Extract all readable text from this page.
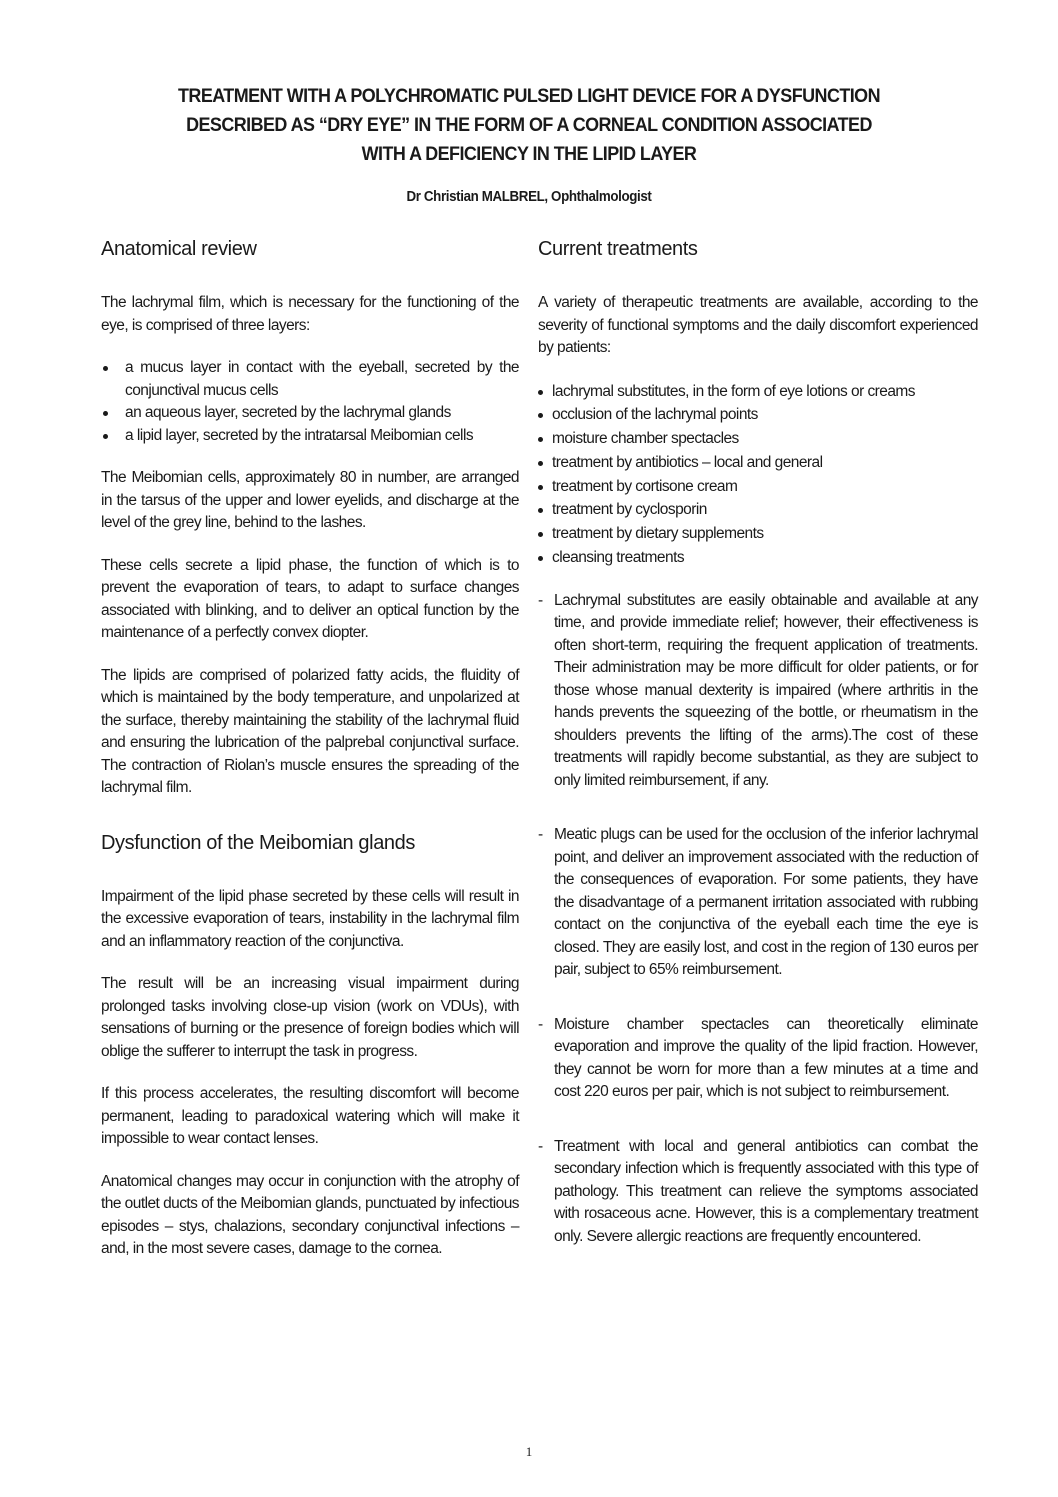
TREATMENT WITH A POLYCHROMATIC PULSED LIGHT DEVICE FOR A DYSFUNCTION
DESCRIBED AS “DRY EYE” IN THE FORM OF A CORNEAL CONDITION ASSOCIATED
WITH A DEFICIENCY IN THE LIPID LAYER
Dr Christian MALBREL, Ophthalmologist
Anatomical review

The lachrymal film, which is necessary for the functioning of the eye, is comprised of three layers:

a mucus layer in contact with the eyeball, secreted by the conjunctival mucus cells
an aqueous layer, secreted by the lachrymal glands
a lipid layer, secreted by the intratarsal Meibomian cells

The Meibomian cells, approximately 80 in number, are arranged in the tarsus of the upper and lower eyelids, and discharge at the level of the grey line, behind to the lashes.

These cells secrete a lipid phase, the function of which is to prevent the evaporation of tears, to adapt to surface changes associated with blinking, and to deliver an optical function by the maintenance of a perfectly convex diopter.

The lipids are comprised of polarized fatty acids, the fluidity of which is maintained by the body temperature, and unpolarized at the surface, thereby maintaining the stability of the lachrymal fluid and ensuring the lubrication of the palprebal conjunctival surface. The contraction of Riolan’s muscle ensures the spreading of the lachrymal film.

Dysfunction of the Meibomian glands

Impairment of the lipid phase secreted by these cells will result in the excessive evaporation of tears, instability in the lachrymal film and an inflammatory reaction of the conjunctiva.

The result will be an increasing visual impairment during prolonged tasks involving close-up vision (work on VDUs), with sensations of burning or the presence of foreign bodies which will oblige the sufferer to interrupt the task in progress.

If this process accelerates, the resulting discomfort will become permanent, leading to paradoxical watering which will make it impossible to wear contact lenses.

Anatomical changes may occur in conjunction with the atrophy of the outlet ducts of the Meibomian glands, punctuated by infectious episodes – stys, chalazions, secondary conjunctival infections – and, in the most severe cases, damage to the cornea.

Current treatments

A variety of therapeutic treatments are available, according to the severity of functional symptoms and the daily discomfort experienced by patients:

lachrymal substitutes, in the form of eye lotions or creams
occlusion of the lachrymal points
moisture chamber spectacles
treatment by antibiotics – local and general
treatment by cortisone cream
treatment by cyclosporin
treatment by dietary supplements
cleansing treatments
- Lachrymal substitutes are easily obtainable and available at any time, and provide immediate relief; however, their effectiveness is often short-term, requiring the frequent application of treatments. Their administration may be more difficult for older patients, or for those whose manual dexterity is impaired (where arthritis in the hands prevents the squeezing of the bottle, or rheumatism in the shoulders prevents the lifting of the arms).The cost of these treatments will rapidly become substantial, as they are subject to only limited reimbursement, if any.
- Meatic plugs can be used for the occlusion of the inferior lachrymal point, and deliver an improvement associated with the reduction of the consequences of evaporation. For some patients, they have the disadvantage of a permanent irritation associated with rubbing contact on the conjunctiva of the eyeball each time the eye is closed. They are easily lost, and cost in the region of 130 euros per pair, subject to 65% reimbursement.
- Moisture chamber spectacles can theoretically eliminate evaporation and improve the quality of the lipid fraction. However, they cannot be worn for more than a few minutes at a time and cost 220 euros per pair, which is not subject to reimbursement.
- Treatment with local and general antibiotics can combat the secondary infection which is frequently associated with this type of pathology. This treatment can relieve the symptoms associated with rosaceous acne. However, this is a complementary treatment only. Severe allergic reactions are frequently encountered.
1
